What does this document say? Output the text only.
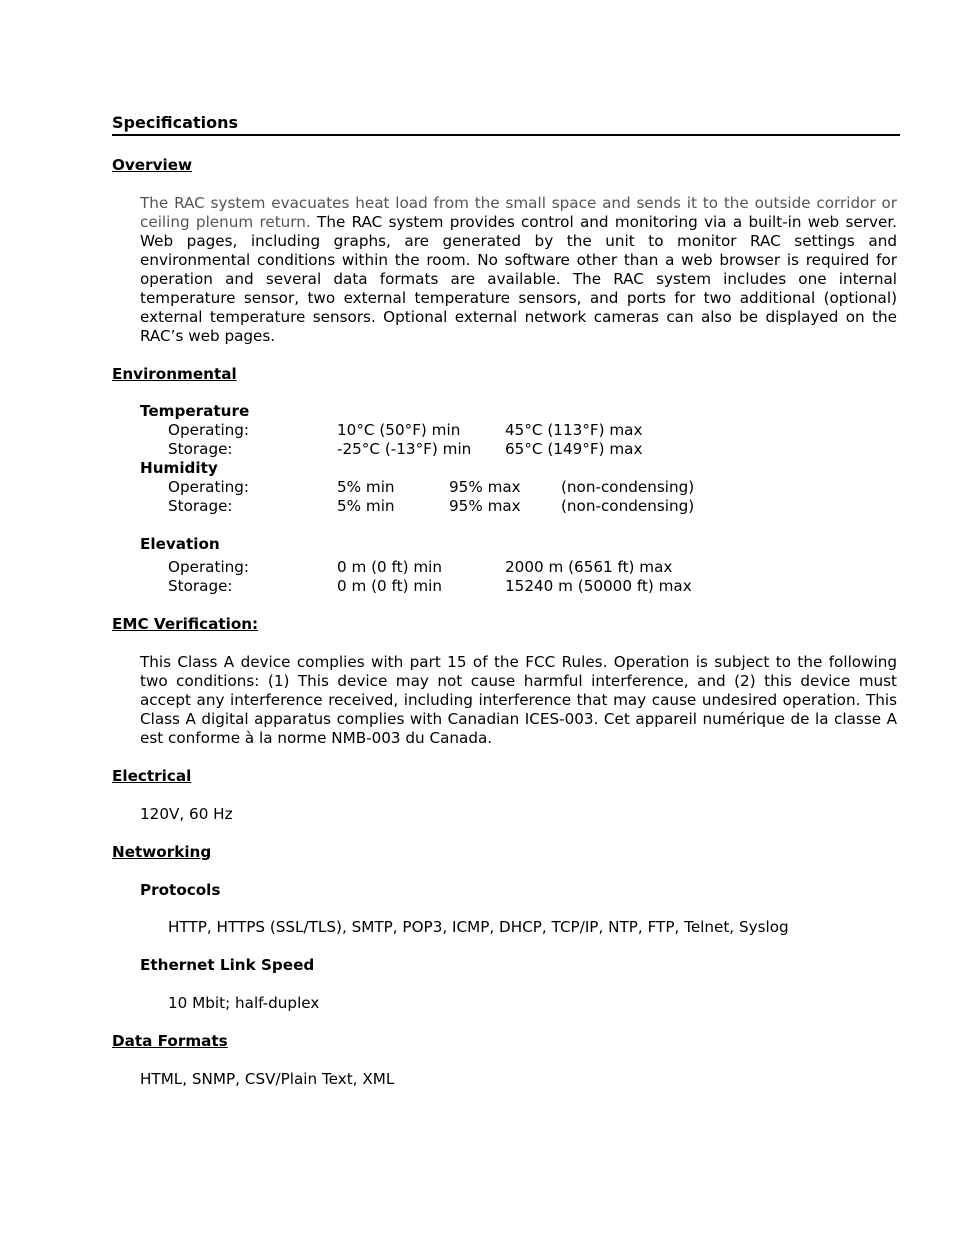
Specifications
Overview

The RAC system evacuates heat load from the small space and sends it to the outside corridor or ceiling plenum return. The RAC system provides control and monitoring via a built-in web server. Web pages, including graphs, are generated by the unit to monitor RAC settings and environmental conditions within the room. No software other than a web browser is required for operation and several data formats are available. The RAC system includes one internal temperature sensor, two external temperature sensors, and ports for two additional (optional) external temperature sensors. Optional external network cameras can also be displayed on the RAC’s web pages.

Environmental
Temperature
Operating:	10°C (50°F) min	45°C (113°F) max
Storage:	-25°C (-13°F) min 65°C (149°F) max
Humidity
Operating:	5% min	95% max	(non-condensing)
Storage:	5% min	95% max	(non-condensing)
Elevation
Operating:	0 m (0 ft) min	2000 m (6561 ft) max
Storage:	0 m (0 ft) min	15240 m (50000 ft) max
EMC Verification:

This Class A device complies with part 15 of the FCC Rules. Operation is subject to the following two conditions: (1) This device may not cause harmful interference, and (2) this device must accept any interference received, including interference that may cause undesired operation. This Class A digital apparatus complies with Canadian ICES-003. Cet appareil numérique de la classe A est conforme à la norme NMB-003 du Canada.

Electrical
120V, 60 Hz
Networking
Protocols
HTTP, HTTPS (SSL/TLS), SMTP, POP3, ICMP, DHCP, TCP/IP, NTP, FTP, Telnet, Syslog
Ethernet Link Speed
10 Mbit; half-duplex
Data Formats
HTML, SNMP, CSV/Plain Text, XML
